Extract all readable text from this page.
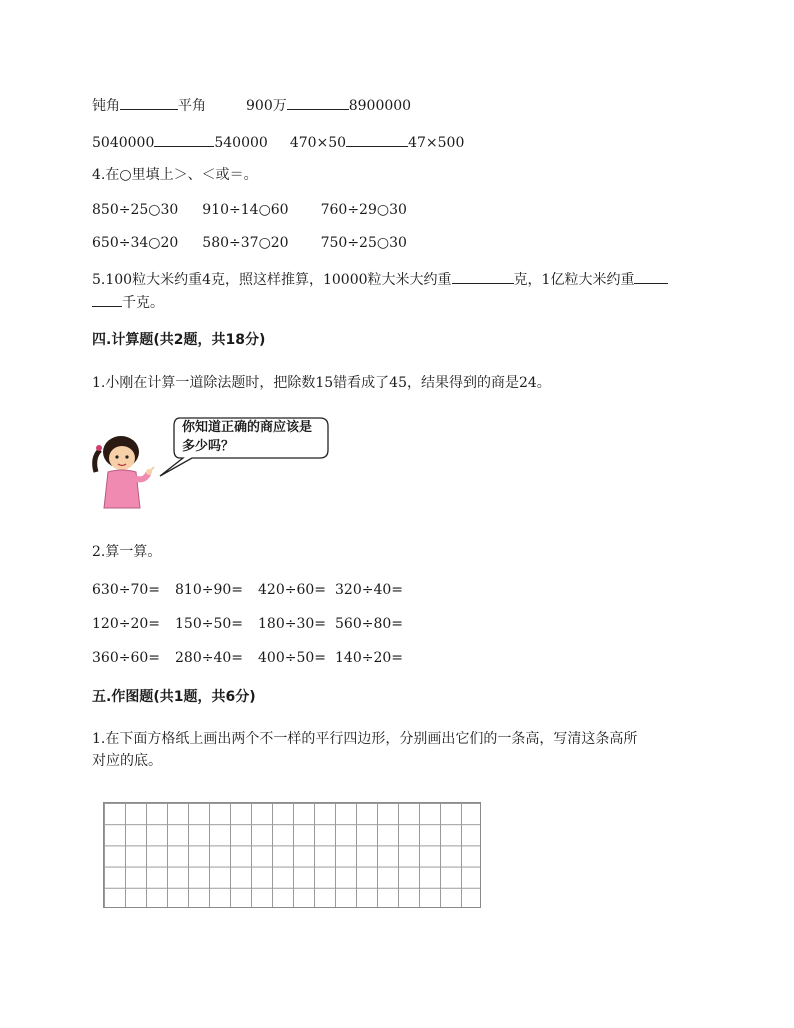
钝角	平角	900万	8900000
5040000	540000 470×50	47×500
4.在○里填上＞、＜或＝。
850÷25○30 910÷14○60 760÷29○30
650÷34○20 580÷37○20 750÷25○30
5.100粒大米约重4克，照这样推算，10000粒大米大约重	克，1亿粒大米约重
千克。
四.计算题(共2题，共18分)
1.小刚在计算一道除法题时，把除数15错看成了45，结果得到的商是24。
你知道正确的商应该是
多少吗？
2.算一算。
630÷70= 810÷90= 420÷60= 320÷40=
120÷20= 150÷50= 180÷30= 560÷80=
360÷60= 280÷40= 400÷50= 140÷20=
五.作图题(共1题，共6分)
1.在下面方格纸上画出两个不一样的平行四边形，分别画出它们的一条高，写清这条高所
对应的底。
